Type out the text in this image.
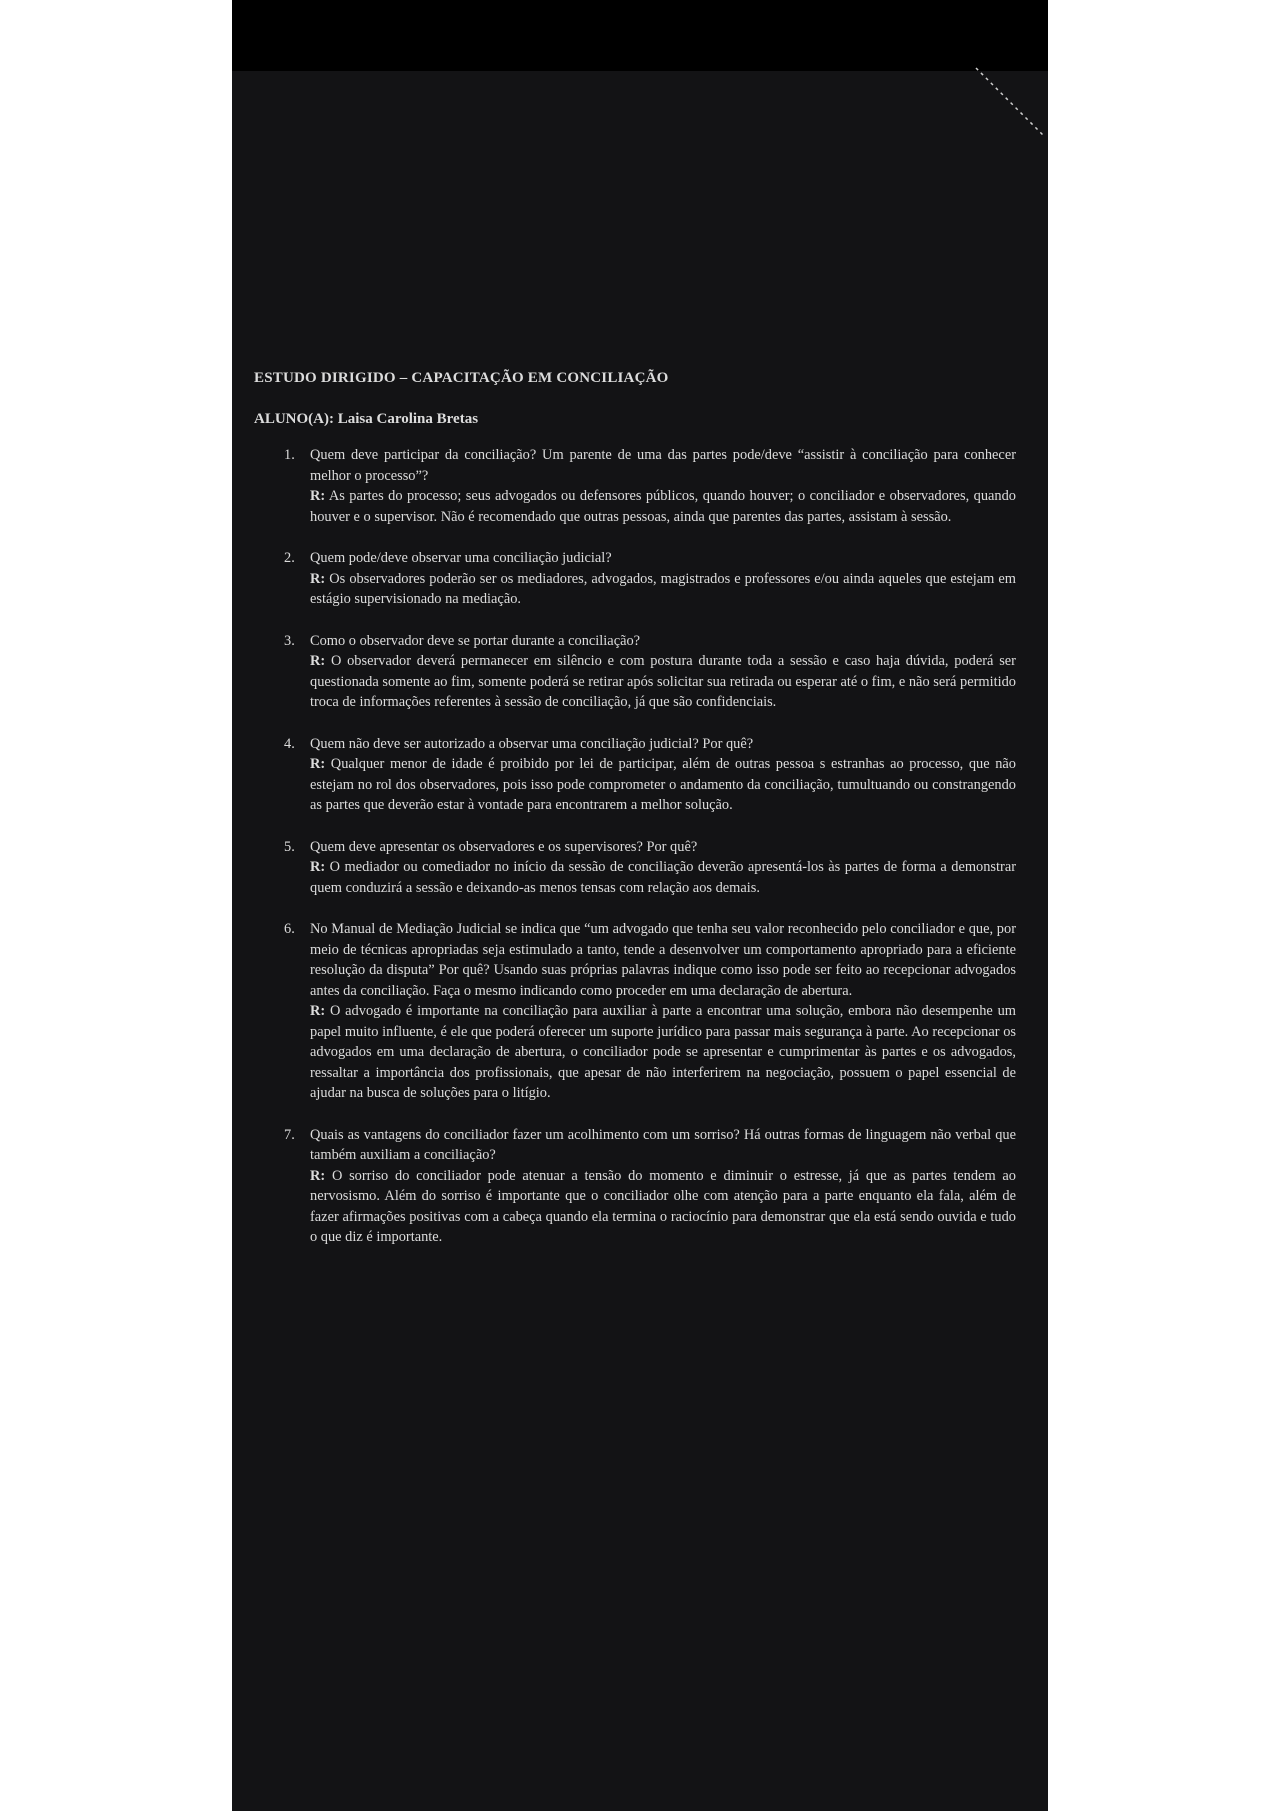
ESTUDO DIRIGIDO – CAPACITAÇÃO EM CONCILIAÇÃO
ALUNO(A): Laisa Carolina Bretas
1. Quem deve participar da conciliação? Um parente de uma das partes pode/deve “assistir à conciliação para conhecer melhor o processo”?
R: As partes do processo; seus advogados ou defensores públicos, quando houver; o conciliador e observadores, quando houver e o supervisor. Não é recomendado que outras pessoas, ainda que parentes das partes, assistam à sessão.
2. Quem pode/deve observar uma conciliação judicial?
R: Os observadores poderão ser os mediadores, advogados, magistrados e professores e/ou ainda aqueles que estejam em estágio supervisionado na mediação.
3. Como o observador deve se portar durante a conciliação?
R: O observador deverá permanecer em silêncio e com postura durante toda a sessão e caso haja dúvida, poderá ser questionada somente ao fim, somente poderá se retirar após solicitar sua retirada ou esperar até o fim, e não será permitido troca de informações referentes à sessão de conciliação, já que são confidenciais.
4. Quem não deve ser autorizado a observar uma conciliação judicial? Por quê?
R: Qualquer menor de idade é proibido por lei de participar, além de outras pessoa s estranhas ao processo, que não estejam no rol dos observadores, pois isso pode comprometer o andamento da conciliação, tumultuando ou constrangendo as partes que deverão estar à vontade para encontrarem a melhor solução.
5. Quem deve apresentar os observadores e os supervisores? Por quê?
R: O mediador ou comediador no início da sessão de conciliação deverão apresentá-los às partes de forma a demonstrar quem conduzirá a sessão e deixando-as menos tensas com relação aos demais.
6. No Manual de Mediação Judicial se indica que “um advogado que tenha seu valor reconhecido pelo conciliador e que, por meio de técnicas apropriadas seja estimulado a tanto, tende a desenvolver um comportamento apropriado para a eficiente resolução da disputa” Por quê? Usando suas próprias palavras indique como isso pode ser feito ao recepcionar advogados antes da conciliação. Faça o mesmo indicando como proceder em uma declaração de abertura.
R: O advogado é importante na conciliação para auxiliar à parte a encontrar uma solução, embora não desempenhe um papel muito influente, é ele que poderá oferecer um suporte jurídico para passar mais segurança à parte. Ao recepcionar os advogados em uma declaração de abertura, o conciliador pode se apresentar e cumprimentar às partes e os advogados, ressaltar a importância dos profissionais, que apesar de não interferirem na negociação, possuem o papel essencial de ajudar na busca de soluções para o litígio.
7. Quais as vantagens do conciliador fazer um acolhimento com um sorriso? Há outras formas de linguagem não verbal que também auxiliam a conciliação?
R: O sorriso do conciliador pode atenuar a tensão do momento e diminuir o estresse, já que as partes tendem ao nervosismo. Além do sorriso é importante que o conciliador olhe com atenção para a parte enquanto ela fala, além de fazer afirmações positivas com a cabeça quando ela termina o raciocínio para demonstrar que ela está sendo ouvida e tudo o que diz é importante.
